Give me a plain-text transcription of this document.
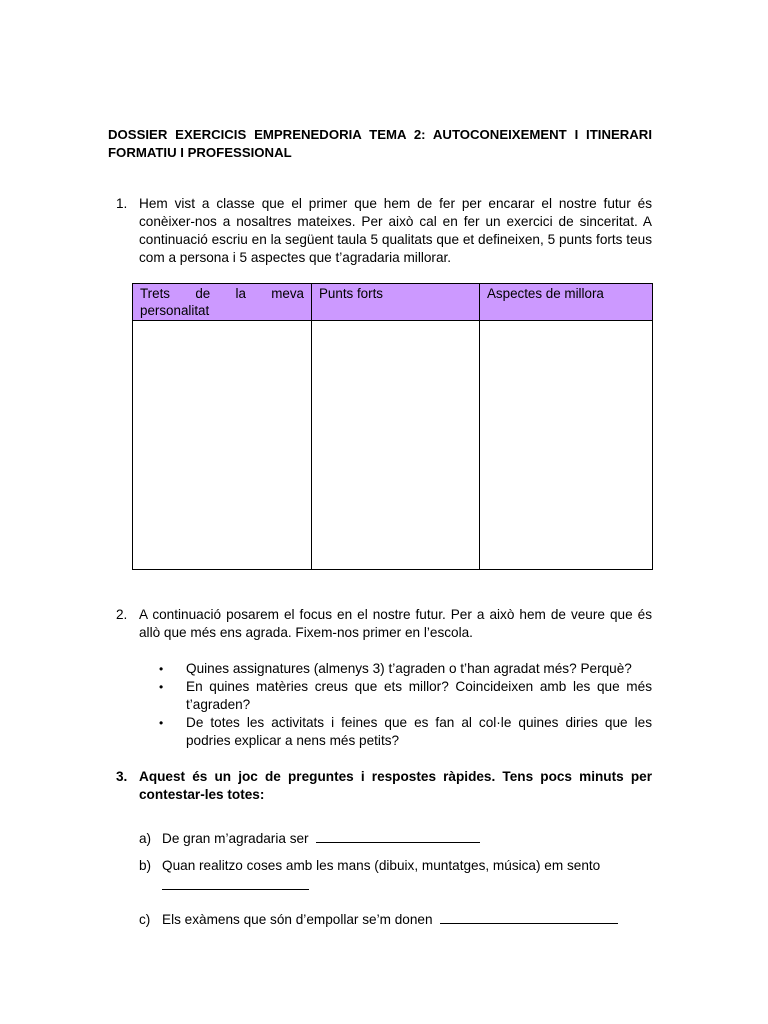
DOSSIER EXERCICIS EMPRENEDORIA TEMA 2: AUTOCONEIXEMENT I ITINERARI FORMATIU I PROFESSIONAL
1. Hem vist a classe que el primer que hem de fer per encarar el nostre futur és conèixer-nos a nosaltres mateixes. Per això cal en fer un exercici de sinceritat. A continuació escriu en la següent taula 5 qualitats que et defineixen, 5 punts forts teus com a persona i 5 aspectes que t’agradaria millorar.
Trets de la meva personalitat	Punts forts	Aspectes de millora

2. A continuació posarem el focus en el nostre futur. Per a això hem de veure que és allò que més ens agrada. Fixem-nos primer en l’escola.
• Quines assignatures (almenys 3) t’agraden o t’han agradat més? Perquè?
• En quines matèries creus que ets millor? Coincideixen amb les que més t’agraden?
• De totes les activitats i feines que es fan al col·le quines diries que les podries explicar a nens més petits?
3. Aquest és un joc de preguntes i respostes ràpides. Tens pocs minuts per contestar-les totes:
a) De gran m’agradaria ser
b) Quan realitzo coses amb les mans (dibuix, muntatges, música) em sento

c) Els exàmens que són d’empollar se’m donen
